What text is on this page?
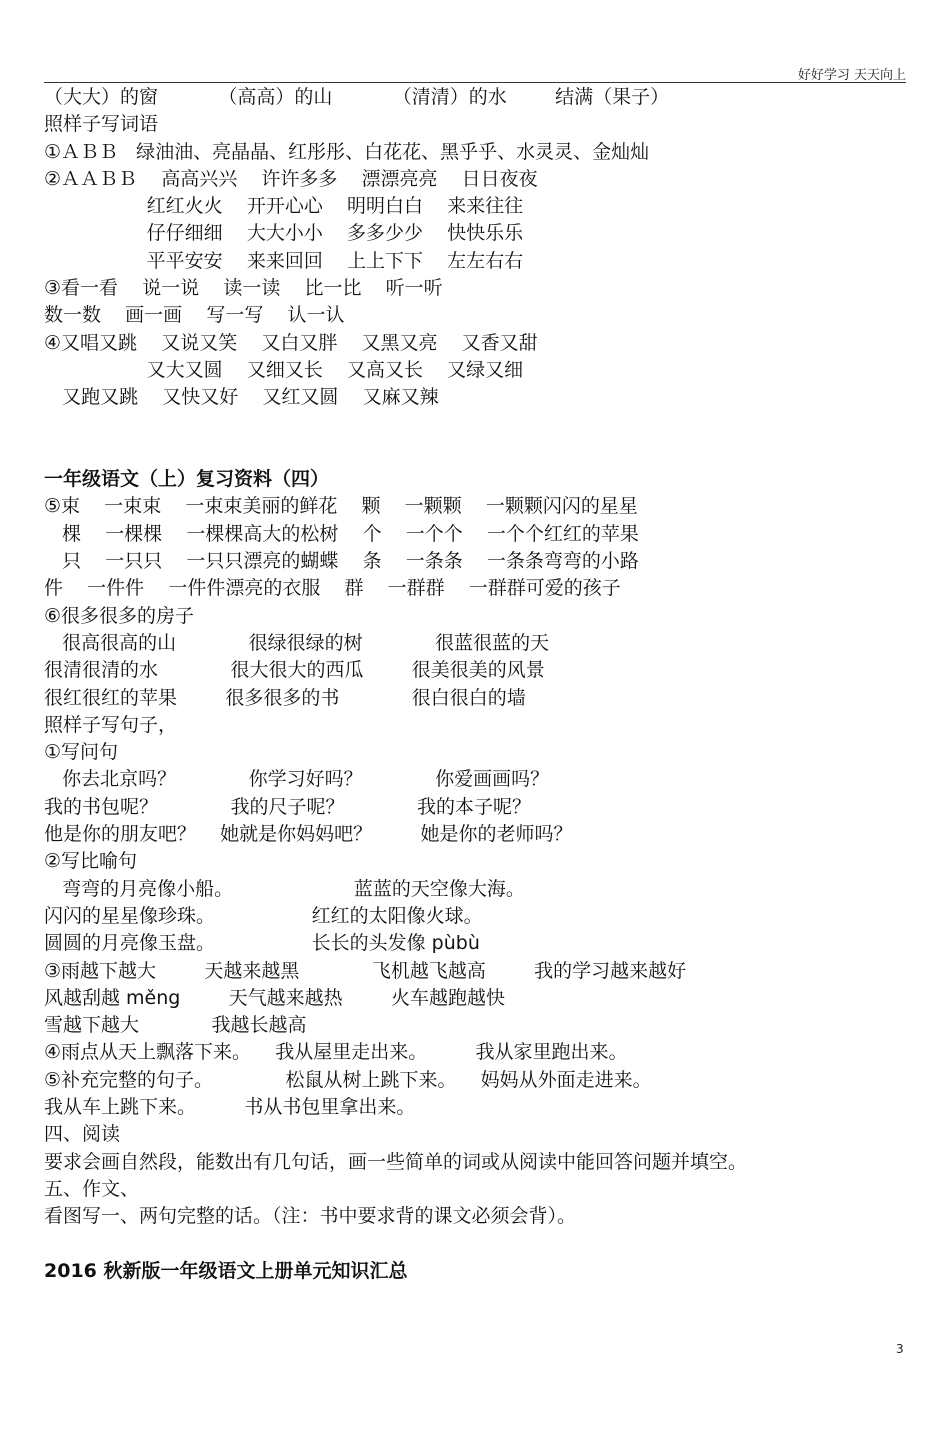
好好学习 天天向上
（大大）的窗          （高高）的山          （清清）的水        结满（果子）
照样子写词语
①ＡＢＢ   绿油油、亮晶晶、红彤彤、白花花、黑乎乎、水灵灵、金灿灿
②ＡＡＢＢ    高高兴兴    许许多多    漂漂亮亮    日日夜夜
红红火火    开开心心    明明白白    来来往往
仔仔细细    大大小小    多多少少    快快乐乐
平平安安    来来回回    上上下下    左左右右
③看一看    说一说    读一读    比一比    听一听
数一数    画一画    写一写    认一认
④又唱又跳    又说又笑    又白又胖    又黑又亮    又香又甜
又大又圆    又细又长    又高又长    又绿又细
又跑又跳    又快又好    又红又圆    又麻又辣
一年级语文（上）复习资料（四）
⑤束    一束束    一束束美丽的鲜花    颗    一颗颗    一颗颗闪闪的星星
棵    一棵棵    一棵棵高大的松树    个    一个个    一个个红红的苹果
只    一只只    一只只漂亮的蝴蝶    条    一条条    一条条弯弯的小路
件    一件件    一件件漂亮的衣服    群    一群群    一群群可爱的孩子
⑥很多很多的房子
很高很高的山            很绿很绿的树            很蓝很蓝的天
很清很清的水            很大很大的西瓜        很美很美的风景
很红很红的苹果        很多很多的书            很白很白的墙
照样子写句子，
①写问句
你去北京吗？            你学习好吗？            你爱画画吗？
我的书包呢？            我的尺子呢？            我的本子呢？
他是你的朋友吧？    她就是你妈妈吧？        她是你的老师吗？
②写比喻句
弯弯的月亮像小船。                    蓝蓝的天空像大海。
闪闪的星星像珍珠。                红红的太阳像火球。
圆圆的月亮像玉盘。                长长的头发像 pùbù
③雨越下越大        天越来越黑            飞机越飞越高        我的学习越来越好
风越刮越 měng        天气越来越热        火车越跑越快
雪越下越大            我越长越高
④雨点从天上飘落下来。    我从屋里走出来。        我从家里跑出来。
⑤补充完整的句子。            松鼠从树上跳下来。    妈妈从外面走进来。
我从车上跳下来。        书从书包里拿出来。
四、阅读
要求会画自然段，能数出有几句话，画一些简单的词或从阅读中能回答问题并填空。
五、作文、
看图写一、两句完整的话。（注：书中要求背的课文必须会背）。
2016 秋新版一年级语文上册单元知识汇总
3
